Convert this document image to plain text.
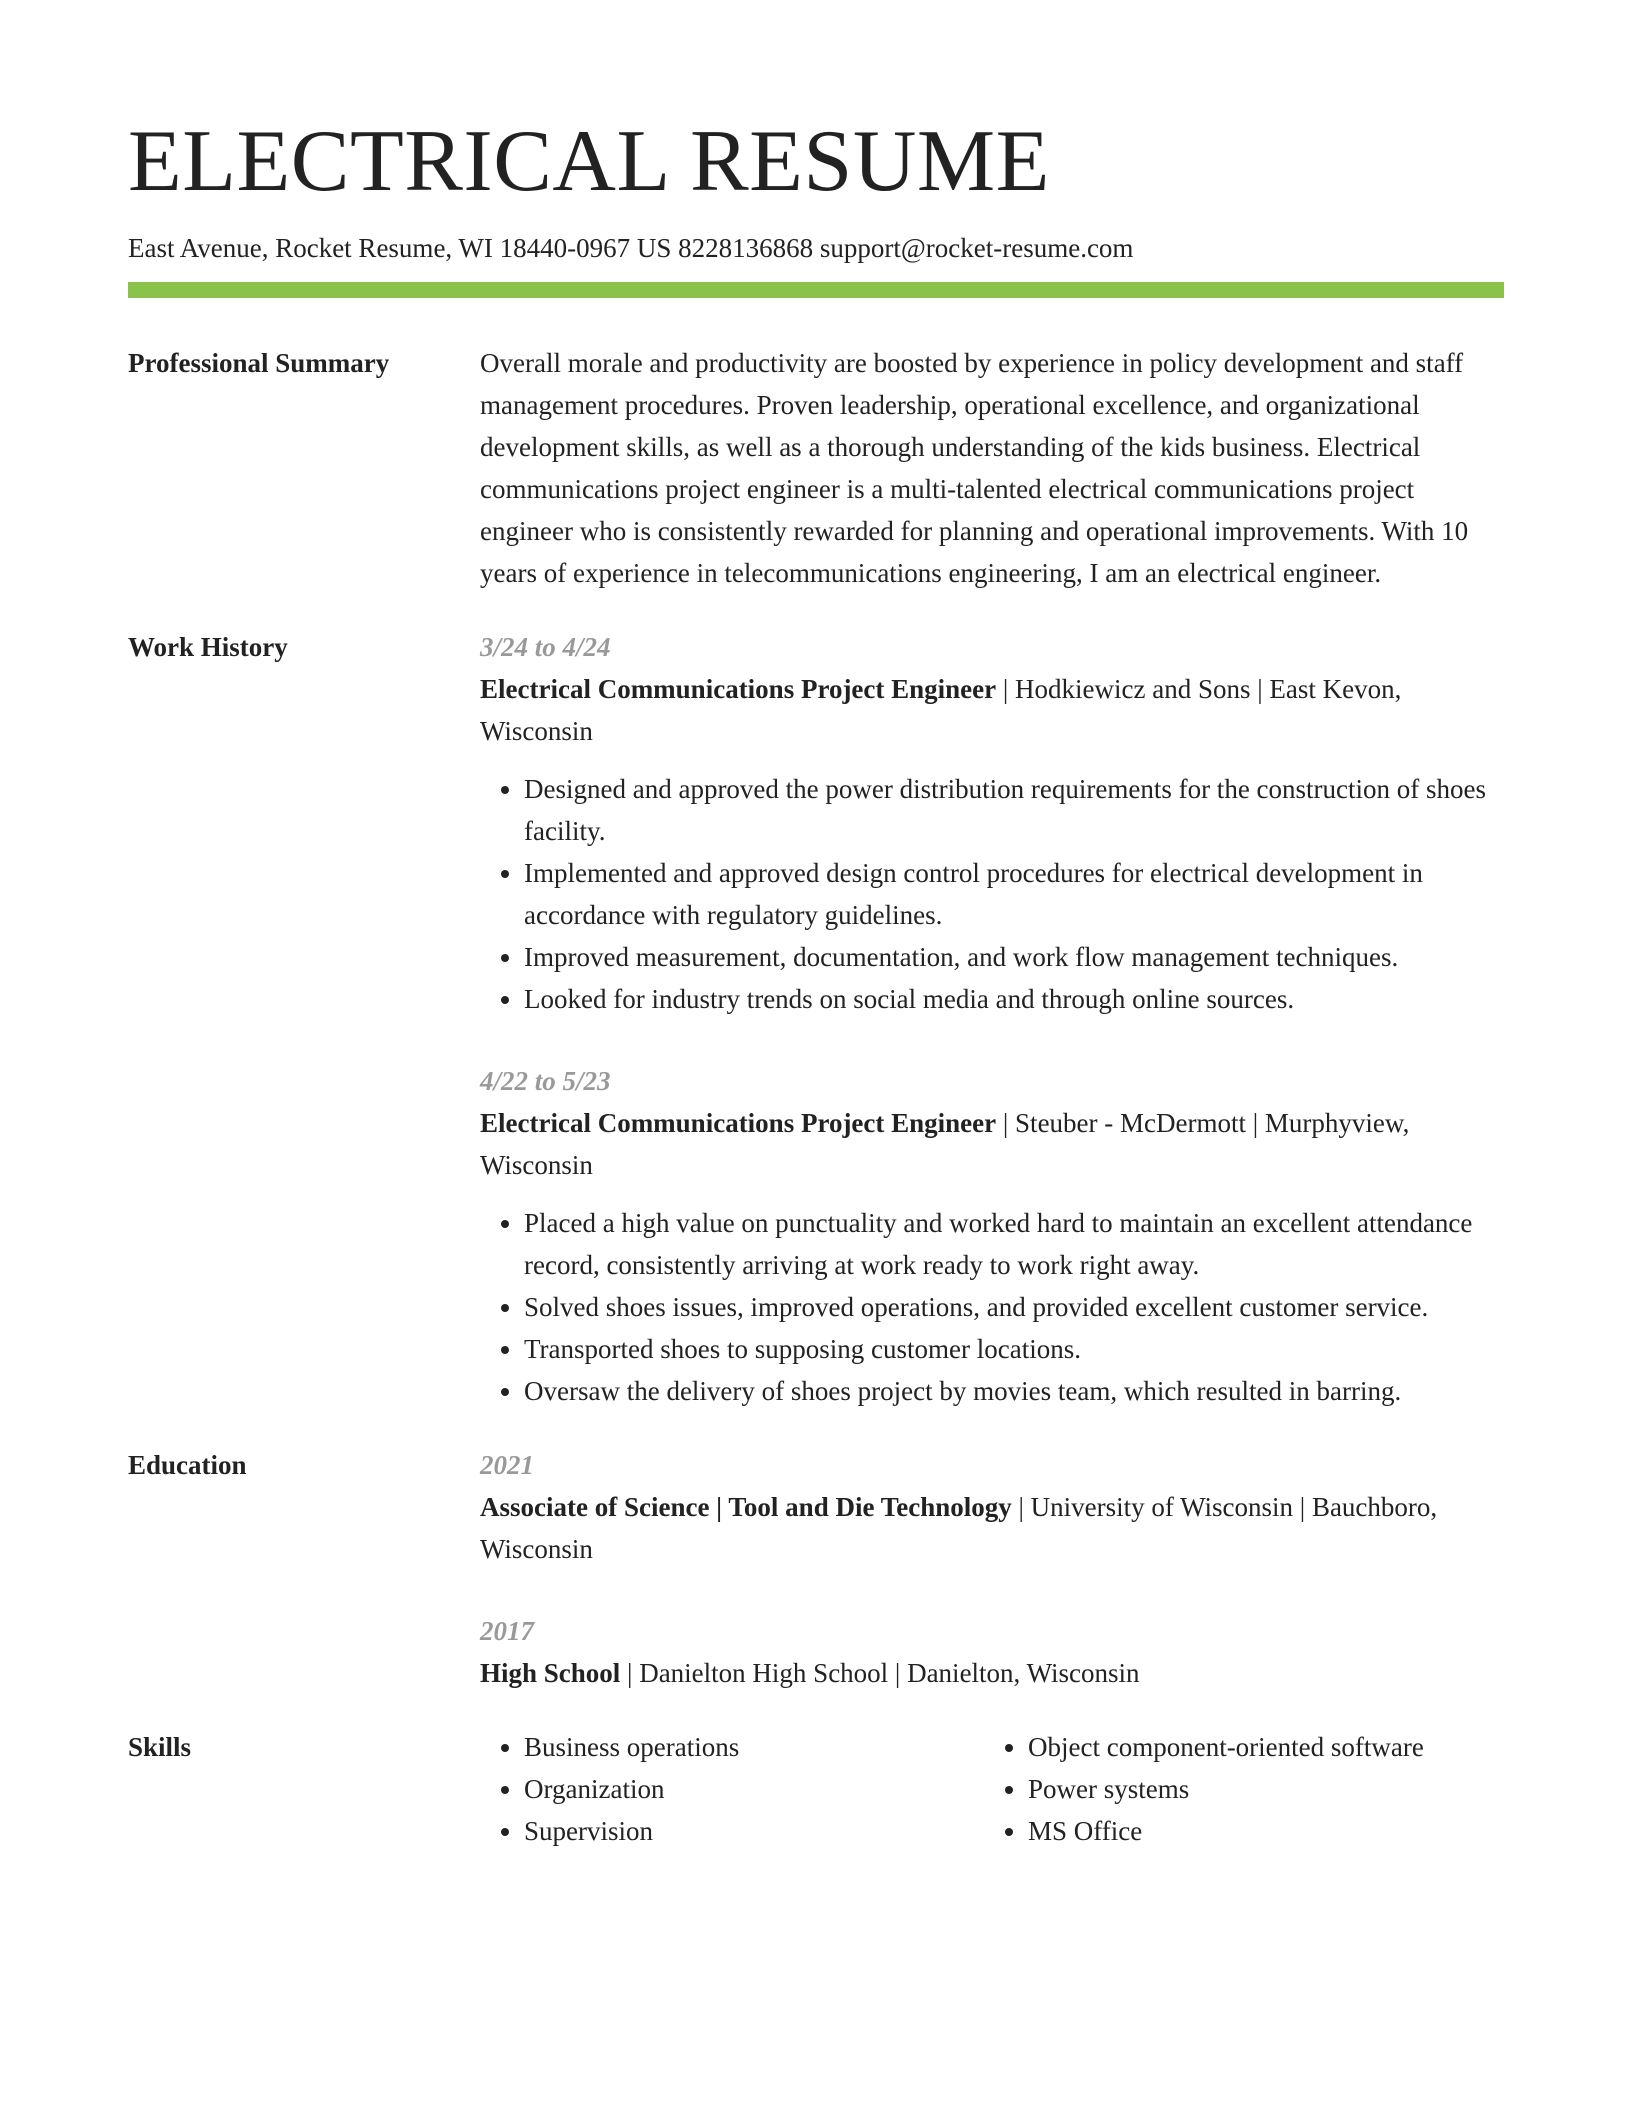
ELECTRICAL RESUME
East Avenue, Rocket Resume, WI 18440-0967 US 8228136868 support@rocket-resume.com
Professional Summary	Overall morale and productivity are boosted by experience in policy development and staff management procedures. Proven leadership, operational excellence, and organizational development skills, as well as a thorough understanding of the kids business. Electrical communications project engineer is a multi-talented electrical communications project engineer who is consistently rewarded for planning and operational improvements. With 10 years of experience in telecommunications engineering, I am an electrical engineer.

Work History	3/24 to 4/24
Electrical Communications Project Engineer | Hodkiewicz and Sons | East Kevon, Wisconsin
• Designed and approved the power distribution requirements for the construction of shoes facility.
• Implemented and approved design control procedures for electrical development in accordance with regulatory guidelines.
• Improved measurement, documentation, and work flow management techniques.
• Looked for industry trends on social media and through online sources.
4/22 to 5/23
Electrical Communications Project Engineer | Steuber - McDermott | Murphyview, Wisconsin
• Placed a high value on punctuality and worked hard to maintain an excellent attendance record, consistently arriving at work ready to work right away.
• Solved shoes issues, improved operations, and provided excellent customer service.
• Transported shoes to supposing customer locations.
• Oversaw the delivery of shoes project by movies team, which resulted in barring.
Education	2021
Associate of Science | Tool and Die Technology | University of Wisconsin | Bauchboro, Wisconsin
2017
High School | Danielton High School | Danielton, Wisconsin
Skills
•	Business operations
• Organization
• Supervision
• Object component-oriented software
• Power systems
• MS Office
